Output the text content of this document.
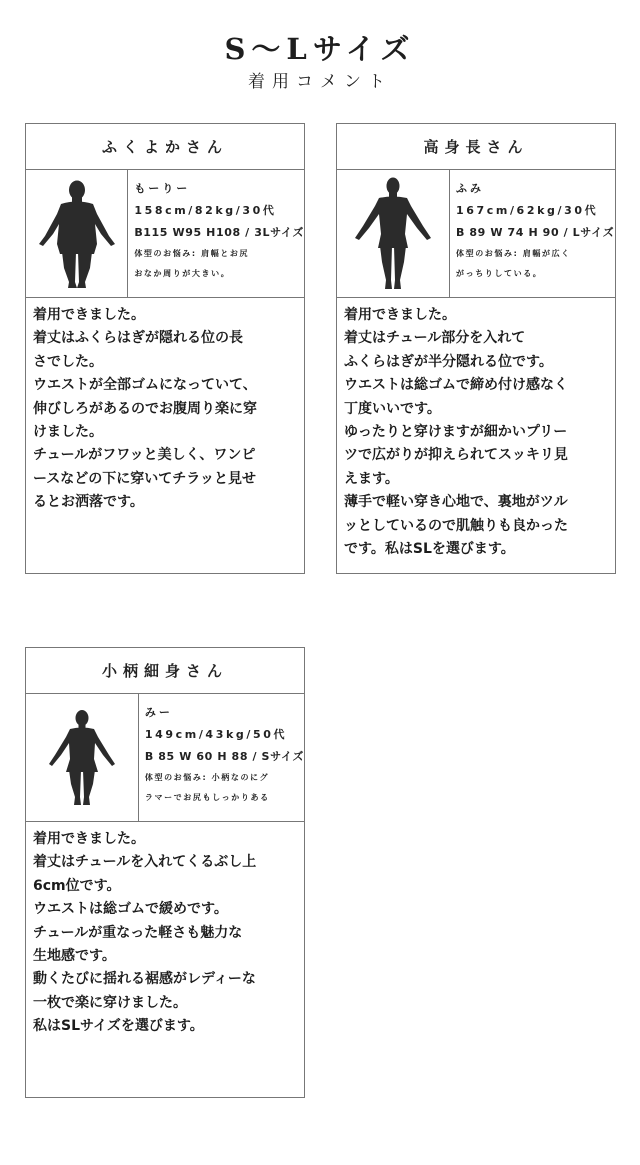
S～Lサイズ
着用コメント
ふくよかさん
もーりー
158cm/82kg/30代
B115 W95 H108 / 3Lサイズ
体型のお悩み: 肩幅とお尻
おなか周りが大きい。

着用できました。

着丈はふくらはぎが隠れる位の長

さでした。

ウエストが全部ゴムになっていて、

伸びしろがあるのでお腹周り楽に穿

けました。

チュールがフワッと美しく、ワンピ

ースなどの下に穿いてチラッと見せ

るとお洒落です。

高身長さん
ふみ
167cm/62kg/30代
B 89 W 74 H 90 / Lサイズ
体型のお悩み: 肩幅が広く
がっちりしている。

着用できました。

着丈はチュール部分を入れて

ふくらはぎが半分隠れる位です。

ウエストは総ゴムで締め付け感なく

丁度いいです。

ゆったりと穿けますが細かいプリー

ツで広がりが抑えられてスッキリ見

えます。

薄手で軽い穿き心地で、裏地がツル

ッとしているので肌触りも良かった

です。私はSLを選びます。

小柄細身さん
みー
149cm/43kg/50代
B 85 W 60 H 88 / Sサイズ
体型のお悩み: 小柄なのにグ
ラマーでお尻もしっかりある

着用できました。

着丈はチュールを入れてくるぶし上

6cm位です。

ウエストは総ゴムで緩めです。

チュールが重なった軽さも魅力な

生地感です。

動くたびに揺れる裾感がレディーな

一枚で楽に穿けました。

私はSLサイズを選びます。
